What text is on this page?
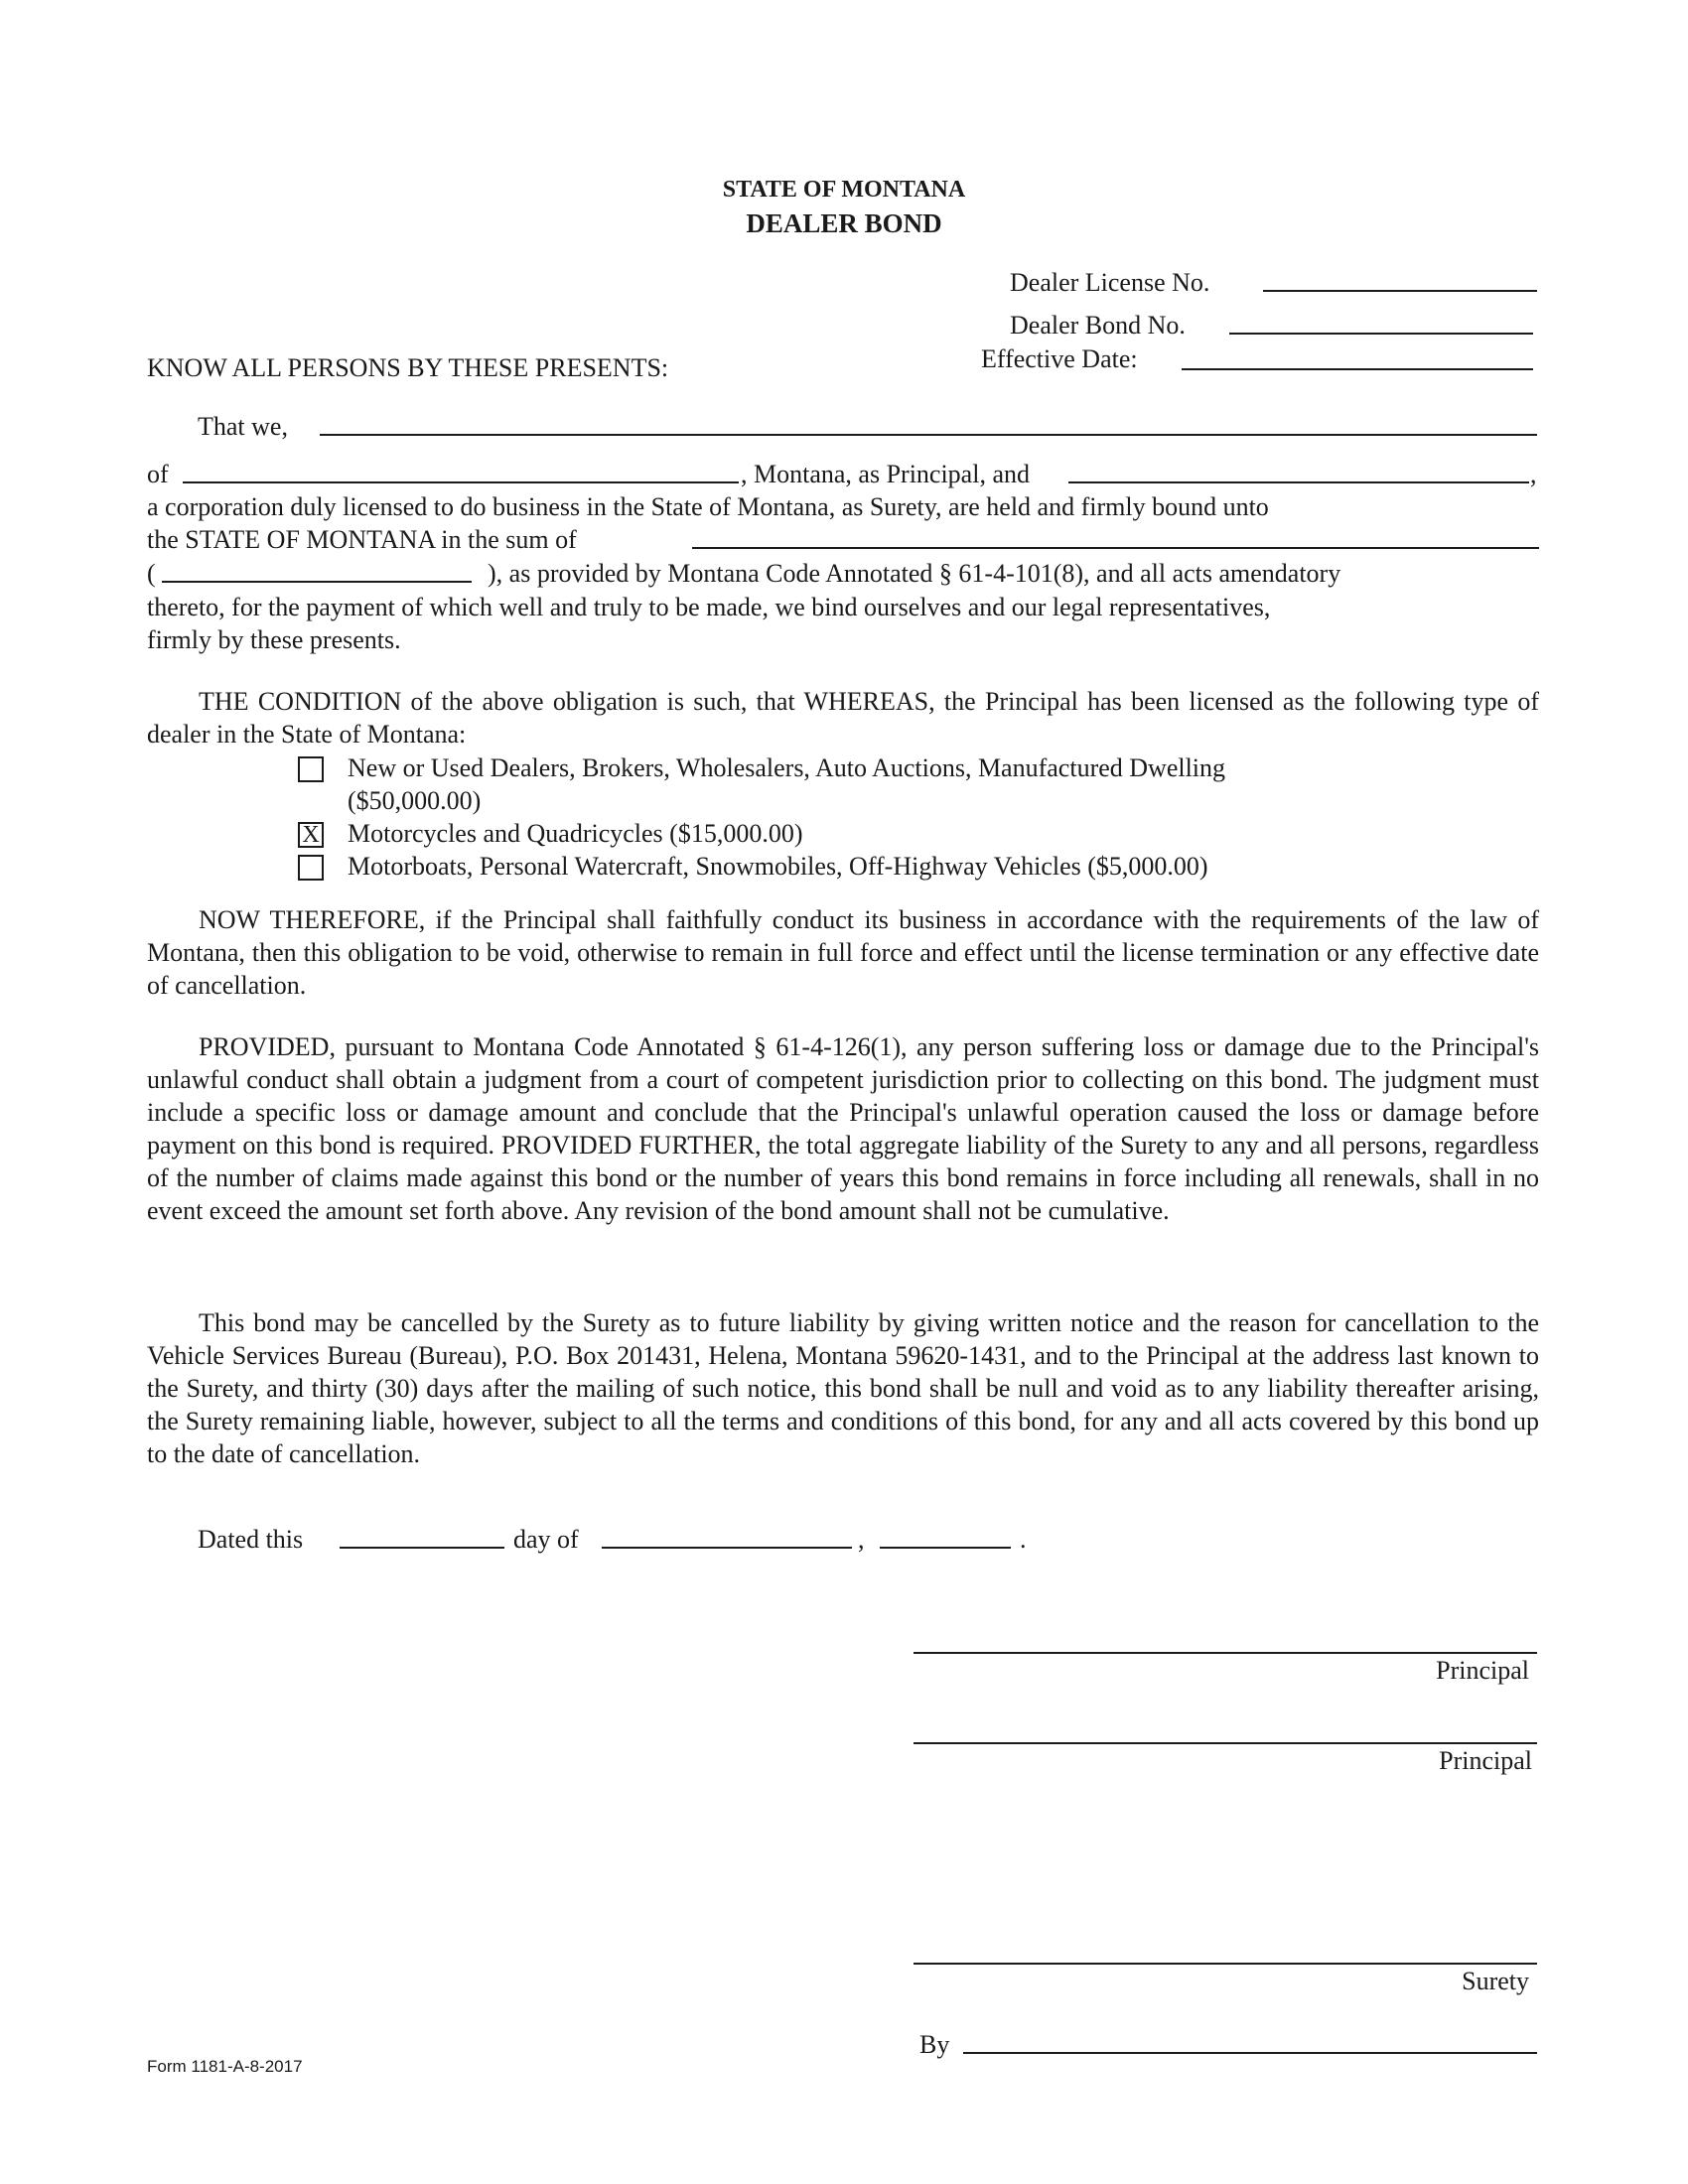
STATE OF MONTANA
DEALER BOND
Dealer License No.
Dealer Bond No.
Effective Date:
KNOW ALL PERSONS BY THESE PRESENTS:
That we,
of	, Montana, as Principal, and	,
a corporation duly licensed to do business in the State of Montana, as Surety, are held and firmly bound unto
the STATE OF MONTANA in the sum of
(	), as provided by Montana Code Annotated § 61-4-101(8), and all acts amendatory
thereto, for the payment of which well and truly to be made, we bind ourselves and our legal representatives,
firmly by these presents.
THE CONDITION of the above obligation is such, that WHEREAS, the Principal has been licensed as the following type of dealer in the State of Montana:
New or Used Dealers, Brokers, Wholesalers, Auto Auctions, Manufactured Dwelling
($50,000.00)
X Motorcycles and Quadricycles ($15,000.00)
Motorboats, Personal Watercraft, Snowmobiles, Off-Highway Vehicles ($5,000.00)
NOW THEREFORE, if the Principal shall faithfully conduct its business in accordance with the requirements of the law of Montana, then this obligation to be void, otherwise to remain in full force and effect until the license termination or any effective date of cancellation.
PROVIDED, pursuant to Montana Code Annotated § 61-4-126(1), any person suffering loss or damage due to the Principal's unlawful conduct shall obtain a judgment from a court of competent jurisdiction prior to collecting on this bond. The judgment must include a specific loss or damage amount and conclude that the Principal's unlawful operation caused the loss or damage before payment on this bond is required. PROVIDED FURTHER, the total aggregate liability of the Surety to any and all persons, regardless of the number of claims made against this bond or the number of years this bond remains in force including all renewals, shall in no event exceed the amount set forth above. Any revision of the bond amount shall not be cumulative.
This bond may be cancelled by the Surety as to future liability by giving written notice and the reason for cancellation to the Vehicle Services Bureau (Bureau), P.O. Box 201431, Helena, Montana 59620-1431, and to the Principal at the address last known to the Surety, and thirty (30) days after the mailing of such notice, this bond shall be null and void as to any liability thereafter arising, the Surety remaining liable, however, subject to all the terms and conditions of this bond, for any and all acts covered by this bond up to the date of cancellation.
Dated this	day of	,	.
Principal
Principal
Surety
By
Form 1181-A-8-2017
